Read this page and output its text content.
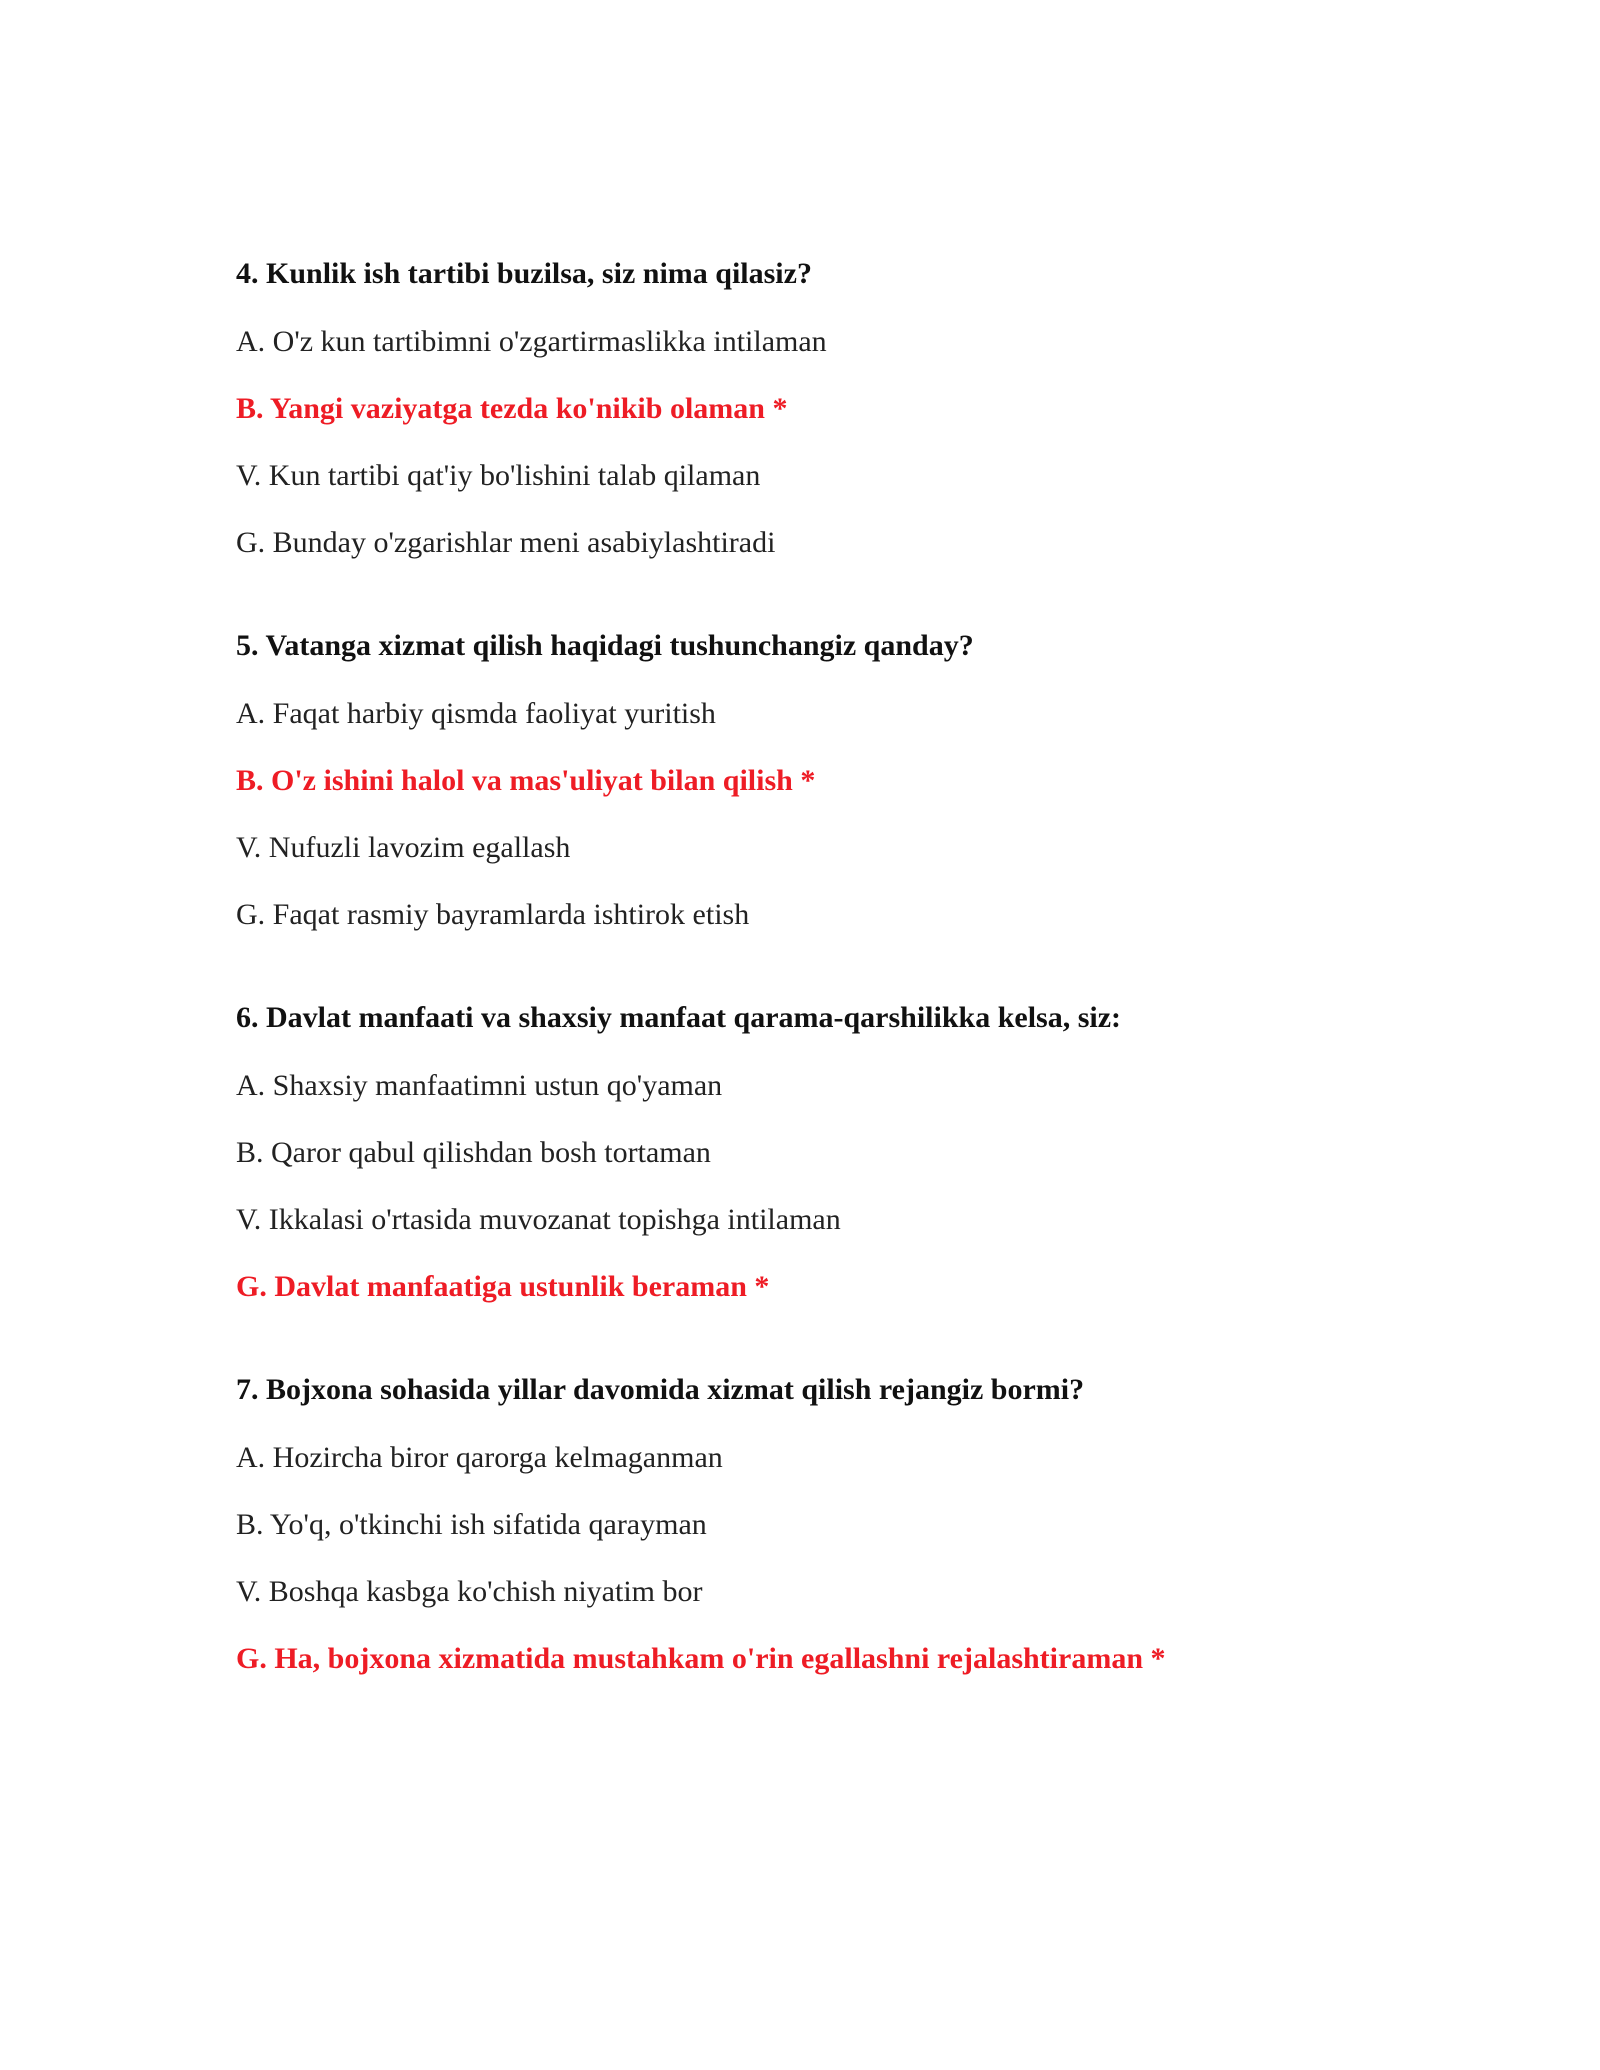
4. Kunlik ish tartibi buzilsa, siz nima qilasiz?
A. O'z kun tartibimni o'zgartirmaslikka intilaman
B. Yangi vaziyatga tezda ko'nikib olaman *
V. Kun tartibi qat'iy bo'lishini talab qilaman
G. Bunday o'zgarishlar meni asabiylashtiradi
5. Vatanga xizmat qilish haqidagi tushunchangiz qanday?
A. Faqat harbiy qismda faoliyat yuritish
B. O'z ishini halol va mas'uliyat bilan qilish *
V. Nufuzli lavozim egallash
G. Faqat rasmiy bayramlarda ishtirok etish
6. Davlat manfaati va shaxsiy manfaat qarama-qarshilikka kelsa, siz:
A. Shaxsiy manfaatimni ustun qo'yaman
B. Qaror qabul qilishdan bosh tortaman
V. Ikkalasi o'rtasida muvozanat topishga intilaman
G. Davlat manfaatiga ustunlik beraman *
7. Bojxona sohasida yillar davomida xizmat qilish rejangiz bormi?
A. Hozircha biror qarorga kelmaganman
B. Yo'q, o'tkinchi ish sifatida qarayman
V. Boshqa kasbga ko'chish niyatim bor
G. Ha, bojxona xizmatida mustahkam o'rin egallashni rejalashtiraman *
